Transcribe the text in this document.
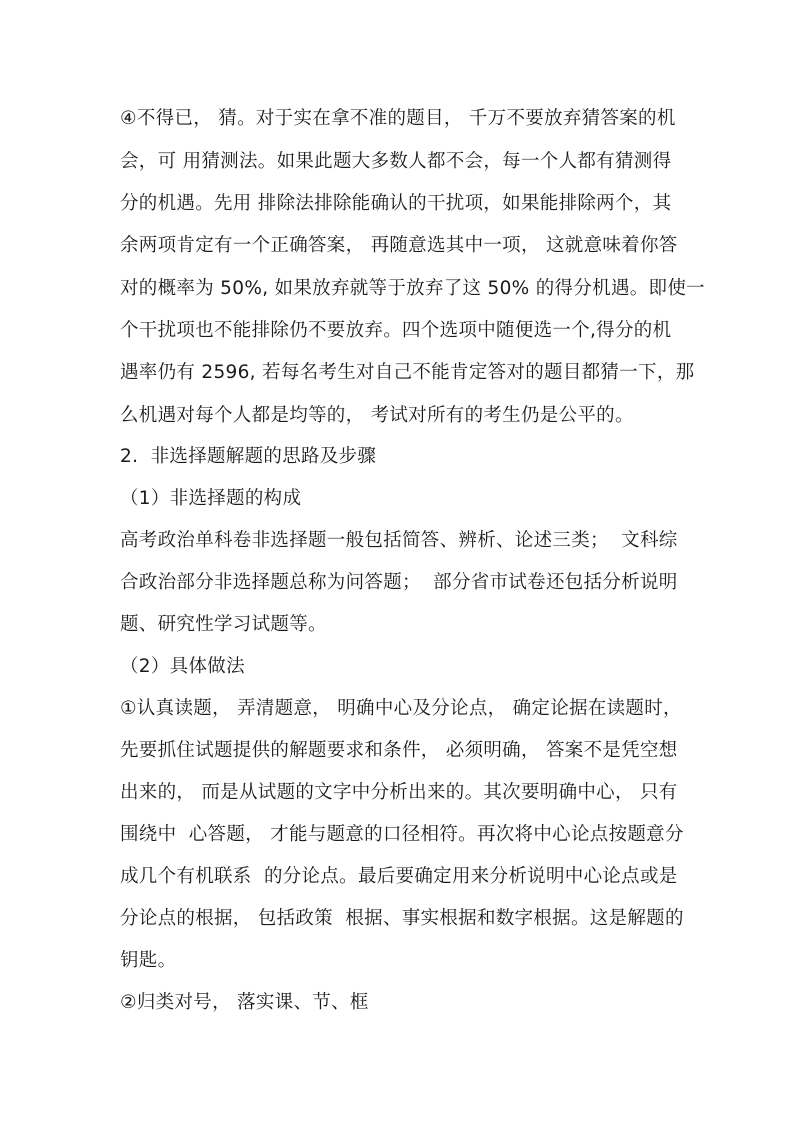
④不得已， 猜。对于实在拿不准的题目， 千万不要放弃猜答案的机
会，可 用猜测法。如果此题大多数人都不会，每一个人都有猜测得
分的机遇。先用 排除法排除能确认的干扰项，如果能排除两个，其
余两项肯定有一个正确答案， 再随意选其中一项， 这就意味着你答
对的概率为 50%, 如果放弃就等于放弃了这 50% 的得分机遇。即使一
个干扰项也不能排除仍不要放弃。四个选项中随便选一个,得分的机
遇率仍有 2596, 若每名考生对自己不能肯定答对的题目都猜一下，那
么机遇对每个人都是均等的， 考试对所有的考生仍是公平的。
2.  非选择题解题的思路及步骤
（1）非选择题的构成
高考政治单科卷非选择题一般包括简答、辨析、论述三类；  文科综
合政治部分非选择题总称为问答题；  部分省市试卷还包括分析说明
题、研究性学习试题等。
（2）具体做法
①认真读题， 弄清题意， 明确中心及分论点， 确定论据在读题时，
先要抓住试题提供的解题要求和条件， 必须明确， 答案不是凭空想
出来的， 而是从试题的文字中分析出来的。其次要明确中心， 只有
围绕中  心答题， 才能与题意的口径相符。再次将中心论点按题意分
成几个有机联系  的分论点。最后要确定用来分析说明中心论点或是
分论点的根据， 包括政策  根据、事实根据和数字根据。这是解题的
钥匙。
②归类对号， 落实课、节、框
